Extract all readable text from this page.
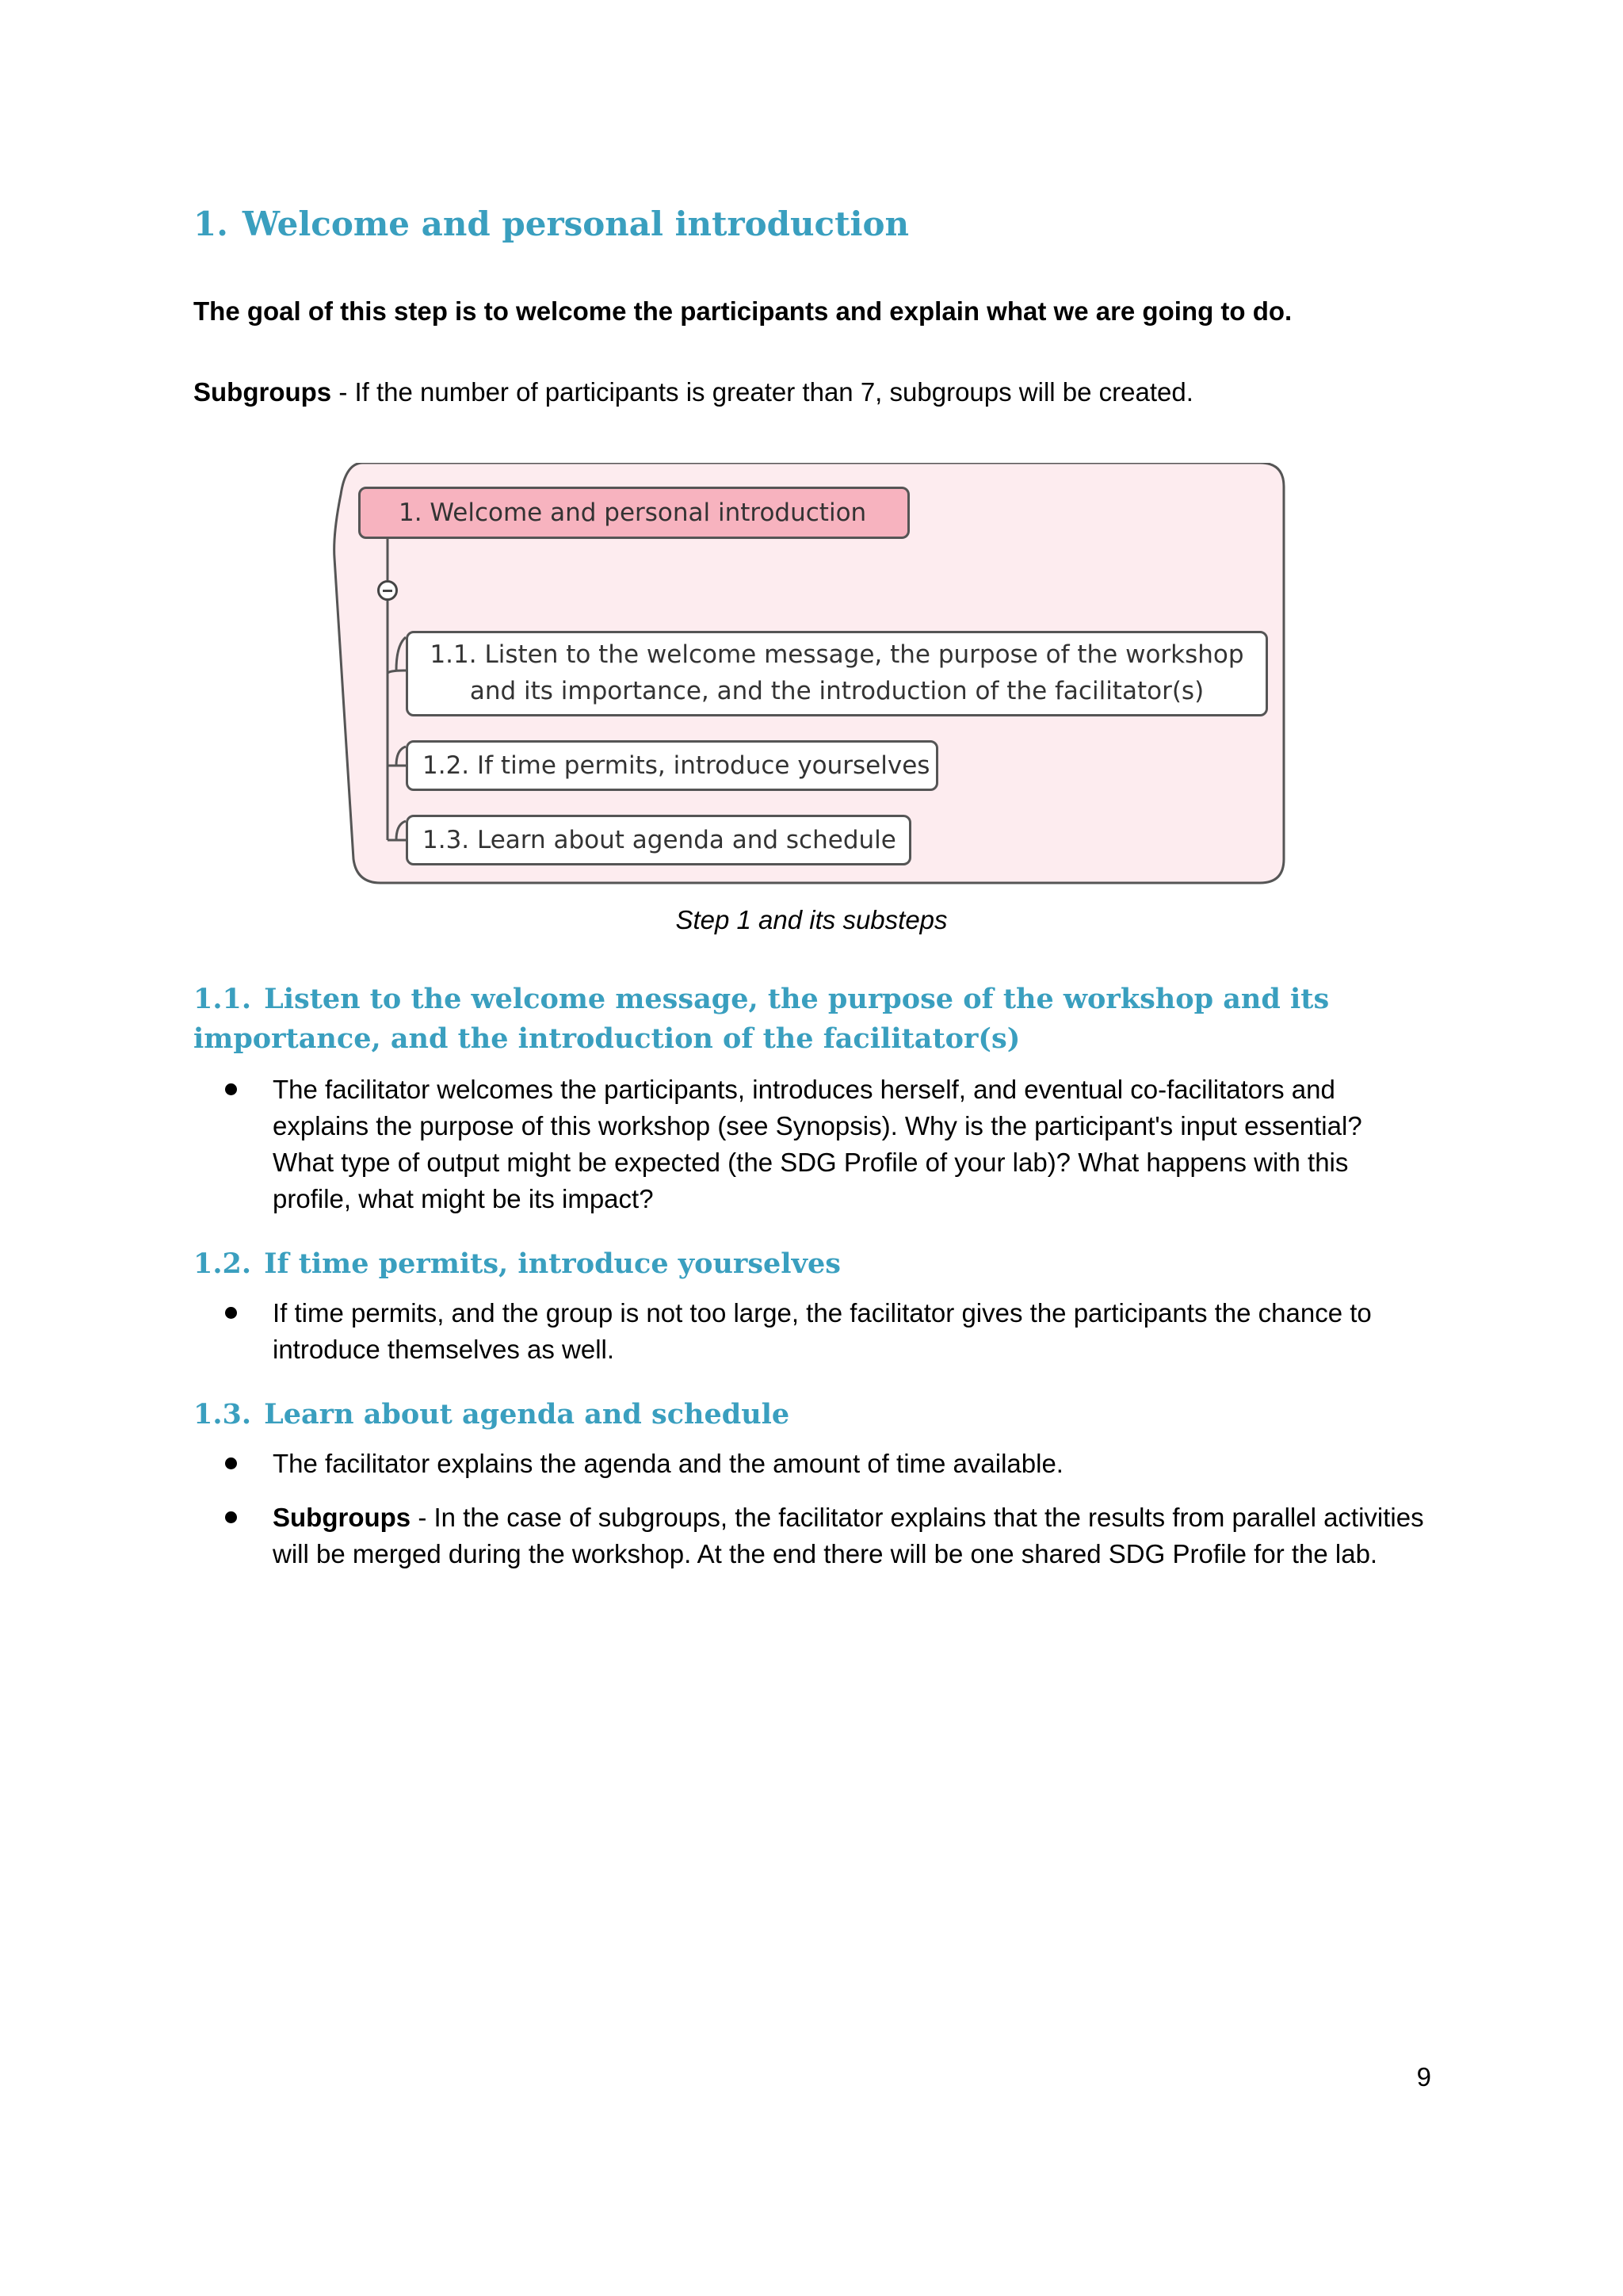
1. Welcome and personal introduction

The goal of this step is to welcome the participants and explain what we are going to do.

Subgroups - If the number of participants is greater than 7, subgroups will be created.

1. Welcome and personal introduction
1.1. Listen to the welcome message, the purpose of the workshop and its importance, and the introduction of the facilitator(s)
1.2. If time permits, introduce yourselves
1.3. Learn about agenda and schedule

Step 1 and its substeps

1.1. Listen to the welcome message, the purpose of the workshop and its importance, and the introduction of the facilitator(s)
The facilitator welcomes the participants, introduces herself, and eventual co-facilitators and explains the purpose of this workshop (see Synopsis). Why is the participant's input essential? What type of output might be expected (the SDG Profile of your lab)? What happens with this profile, what might be its impact?
1.2. If time permits, introduce yourselves
If time permits, and the group is not too large, the facilitator gives the participants the chance to introduce themselves as well.
1.3. Learn about agenda and schedule
The facilitator explains the agenda and the amount of time available.
Subgroups - In the case of subgroups, the facilitator explains that the results from parallel activities will be merged during the workshop. At the end there will be one shared SDG Profile for the lab.

9
